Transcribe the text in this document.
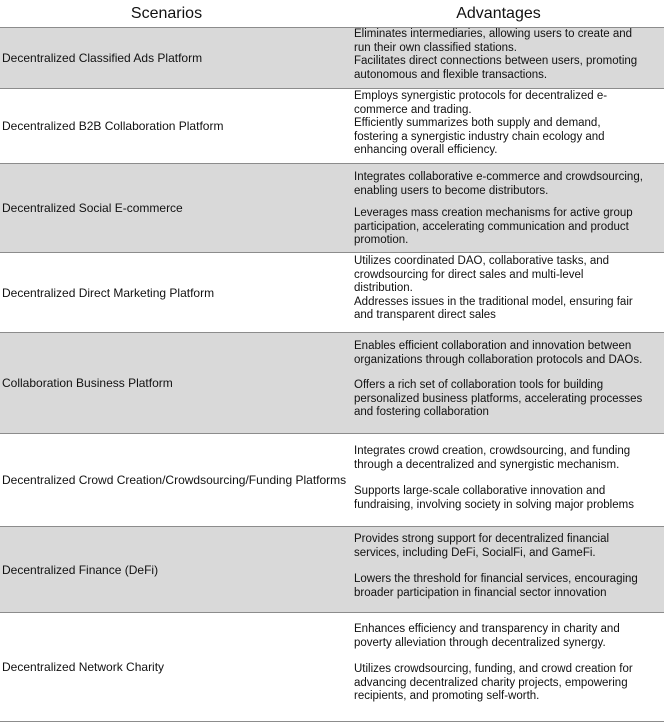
Scenarios	Advantages
Decentralized Classified Ads Platform
Eliminates intermediaries, allowing users to create and
run their own classified stations.
Facilitates direct connections between users, promoting
autonomous and flexible transactions.
Decentralized B2B Collaboration Platform
Employs synergistic protocols for decentralized e-
commerce and trading.
Efficiently summarizes both supply and demand,
fostering a synergistic industry chain ecology and
enhancing overall efficiency.
Decentralized Social E-commerce
Integrates collaborative e-commerce and crowdsourcing,
enabling users to become distributors.
Leverages mass creation mechanisms for active group
participation, accelerating communication and product
promotion.
Decentralized Direct Marketing Platform
Utilizes coordinated DAO, collaborative tasks, and
crowdsourcing for direct sales and multi-level
distribution.
Addresses issues in the traditional model, ensuring fair
and transparent direct sales
Collaboration Business Platform
Enables efficient collaboration and innovation between
organizations through collaboration protocols and DAOs.
Offers a rich set of collaboration tools for building
personalized business platforms, accelerating processes
and fostering collaboration
Decentralized Crowd Creation/Crowdsourcing/Funding Platforms
Integrates crowd creation, crowdsourcing, and funding
through a decentralized and synergistic mechanism.
Supports large-scale collaborative innovation and
fundraising, involving society in solving major problems
Decentralized Finance (DeFi)
Provides strong support for decentralized financial
services, including DeFi, SocialFi, and GameFi.
Lowers the threshold for financial services, encouraging
broader participation in financial sector innovation
Decentralized Network Charity
Enhances efficiency and transparency in charity and
poverty alleviation through decentralized synergy.
Utilizes crowdsourcing, funding, and crowd creation for
advancing decentralized charity projects, empowering
recipients, and promoting self-worth.
